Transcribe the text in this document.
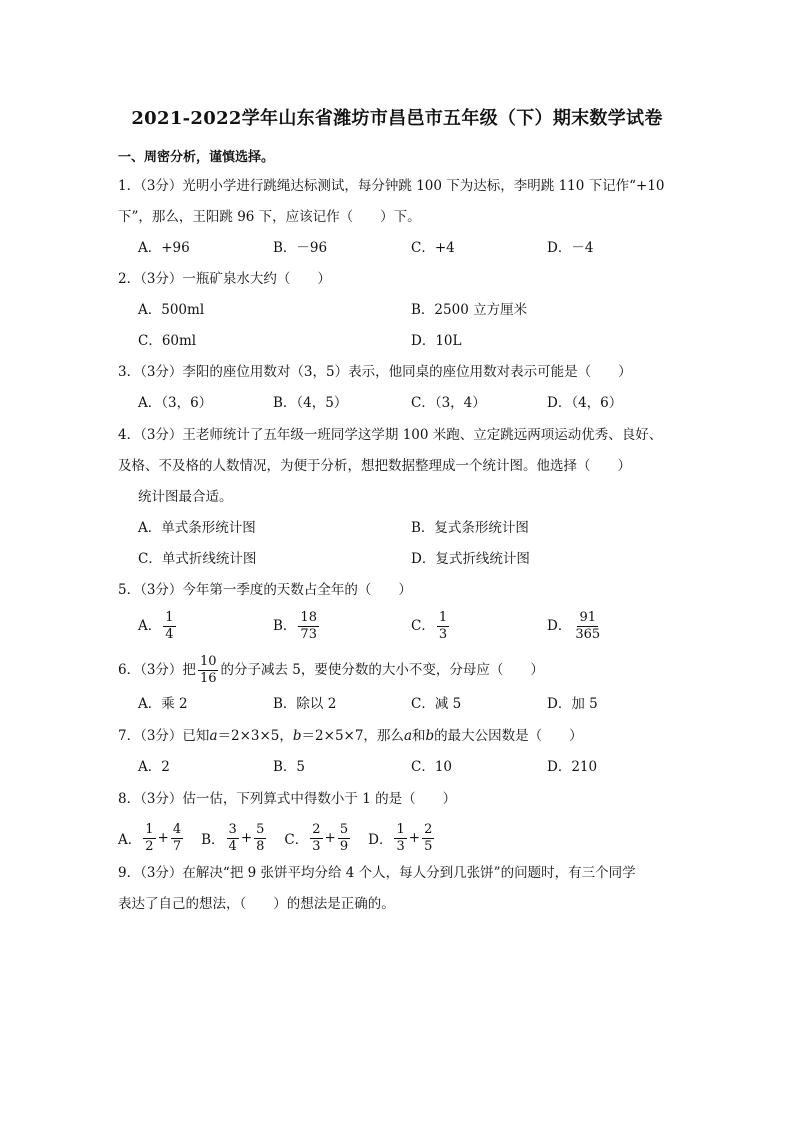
2021-2022学年山东省潍坊市昌邑市五年级（下）期末数学试卷
一、周密分析，谨慎选择。
1．（3分）光明小学进行跳绳达标测试，每分钟跳 100 下为达标，李明跳 110 下记作“+10
下”，那么，王阳跳 96 下，应该记作（　　）下。
A．+96	B．－96	C．+4	D．－4
2．（3分）一瓶矿泉水大约（　　）
A．500ml	B．2500 立方厘米
C．60ml	D．10L
3．（3分）李阳的座位用数对（3，5）表示，他同桌的座位用数对表示可能是（　　）
A．（3，6）	B．（4，5）	C．（3，4）	D．（4，6）
4．（3分）王老师统计了五年级一班同学这学期 100 米跑、立定跳远两项运动优秀、良好、
及格、不及格的人数情况，为便于分析，想把数据整理成一个统计图。他选择（　　）
统计图最合适。
A．单式条形统计图	B．复式条形统计图
C．单式折线统计图	D．复式折线统计图
5．（3分）今年第一季度的天数占全年的（　　）
A． $\frac{1}{4}$	B． $\frac{18}{73}$	C． $\frac{1}{3}$	D． $\frac{91}{365}$
6．（3分）把 $\frac{10}{16}$ 的分子减去 5，要使分数的大小不变，分母应（　　）
A．乘 2	B．除以 2	C．减 5	D．加 5
7．（3分）已知a＝2×3×5，b＝2×5×7，那么a和b的最大公因数是（　　）
A．2	B．5	C．10	D．210
8．（3分）估一估，下列算式中得数小于 1 的是（　　）
A． $\frac{1}{2} + \frac{4}{7}$ B． $\frac{3}{4} + \frac{5}{8}$ C． $\frac{2}{3} + \frac{5}{9}$ D． $\frac{1}{3} + \frac{2}{5}$
9．（3分）在解决“把 9 张饼平均分给 4 个人，每人分到几张饼”的问题时，有三个同学
表达了自己的想法，（　　）的想法是正确的。
